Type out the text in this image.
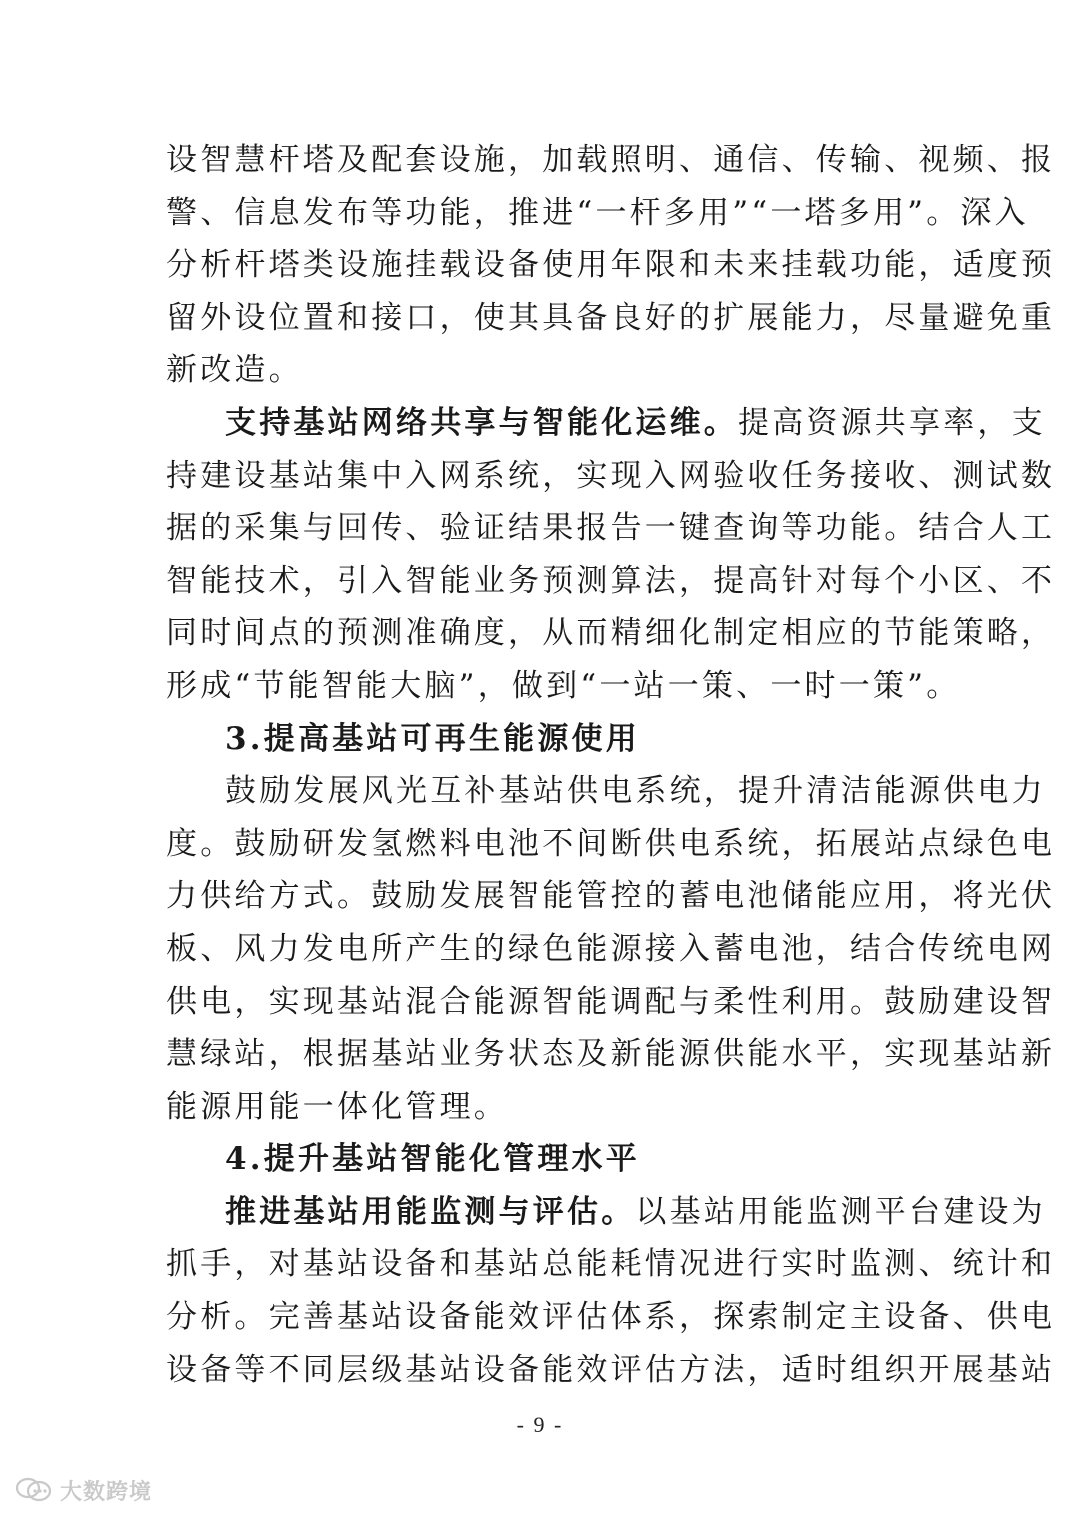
设智慧杆塔及配套设施，加载照明、通信、传输、视频、报
警、信息发布等功能，推进“一杆多用”“一塔多用”。深入
分析杆塔类设施挂载设备使用年限和未来挂载功能，适度预
留外设位置和接口，使其具备良好的扩展能力，尽量避免重
新改造。
支持基站网络共享与智能化运维。提高资源共享率，支
持建设基站集中入网系统，实现入网验收任务接收、测试数
据的采集与回传、验证结果报告一键查询等功能。结合人工
智能技术，引入智能业务预测算法，提高针对每个小区、不
同时间点的预测准确度，从而精细化制定相应的节能策略，
形成“节能智能大脑”，做到“一站一策、一时一策”。
3.提高基站可再生能源使用
鼓励发展风光互补基站供电系统，提升清洁能源供电力
度。鼓励研发氢燃料电池不间断供电系统，拓展站点绿色电
力供给方式。鼓励发展智能管控的蓄电池储能应用，将光伏
板、风力发电所产生的绿色能源接入蓄电池，结合传统电网
供电，实现基站混合能源智能调配与柔性利用。鼓励建设智
慧绿站，根据基站业务状态及新能源供能水平，实现基站新
能源用能一体化管理。
4.提升基站智能化管理水平
推进基站用能监测与评估。以基站用能监测平台建设为
抓手，对基站设备和基站总能耗情况进行实时监测、统计和
分析。完善基站设备能效评估体系，探索制定主设备、供电
设备等不同层级基站设备能效评估方法，适时组织开展基站
- 9 -
大数跨境
